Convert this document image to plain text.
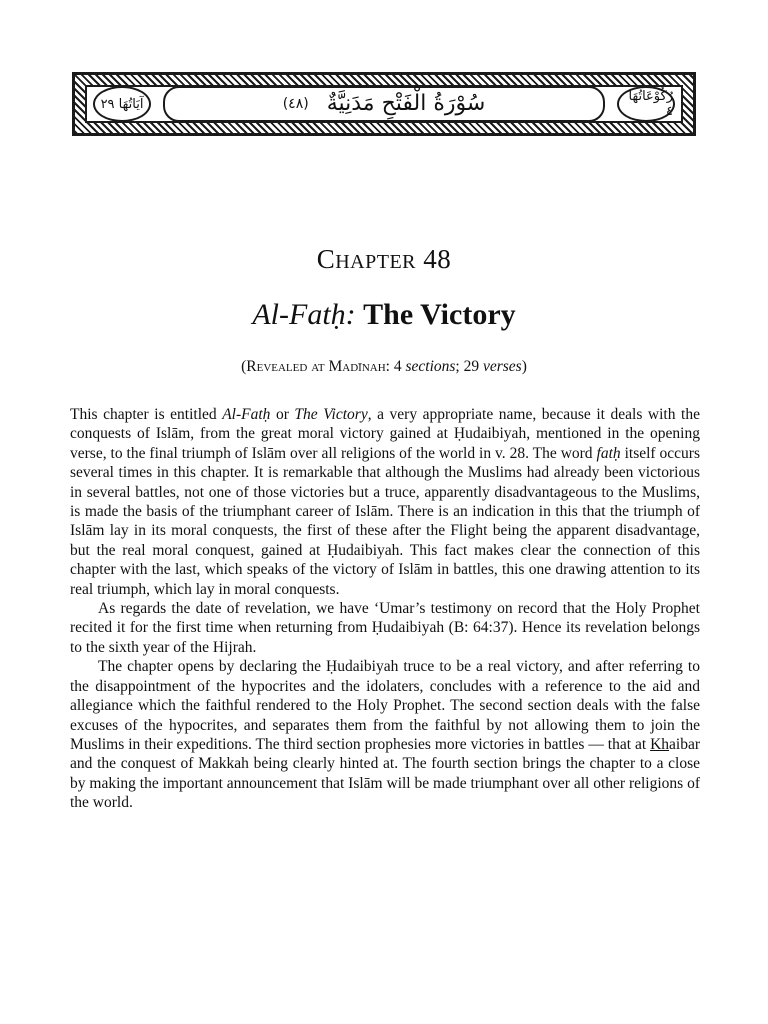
آيَاتُهَا ٢٩	سُوْرَةُ الْفَتْحِ مَدَنِيَّةٌ
(٤٨)	رُكُوْعَاتُهَا ٤
CHAPTER 48
Al-Fatḥ: The Victory
(Revealed at Madīnah: 4 sections; 29 verses)

This chapter is entitled Al-Fatḥ or The Victory, a very appropriate name, because it deals with the conquests of Islām, from the great moral victory gained at Ḥudaibiyah, mentioned in the opening verse, to the final triumph of Islām over all religions of the world in v. 28. The word fatḥ itself occurs several times in this chapter. It is remarkable that although the Muslims had already been victorious in several battles, not one of those victories but a truce, apparently disadvantageous to the Muslims, is made the basis of the triumphant career of Islām. There is an indication in this that the triumph of Islām lay in its moral conquests, the first of these after the Flight being the apparent disadvantage, but the real moral conquest, gained at Ḥudaibiyah. This fact makes clear the connection of this chapter with the last, which speaks of the victory of Islām in battles, this one drawing attention to its real triumph, which lay in moral conquests.

As regards the date of revelation, we have ‘Umar’s testimony on record that the Holy Prophet recited it for the first time when returning from Ḥudaibiyah (B: 64:37). Hence its revelation belongs to the sixth year of the Hijrah.

The chapter opens by declaring the Ḥudaibiyah truce to be a real victory, and after referring to the disappointment of the hypocrites and the idolaters, concludes with a reference to the aid and allegiance which the faithful rendered to the Holy Prophet. The second section deals with the false excuses of the hypocrites, and separates them from the faithful by not allowing them to join the Muslims in their expeditions. The third section prophesies more victories in battles — that at Khaibar and the conquest of Makkah being clearly hinted at. The fourth section brings the chapter to a close by making the important announcement that Islām will be made triumphant over all other religions of the world.
